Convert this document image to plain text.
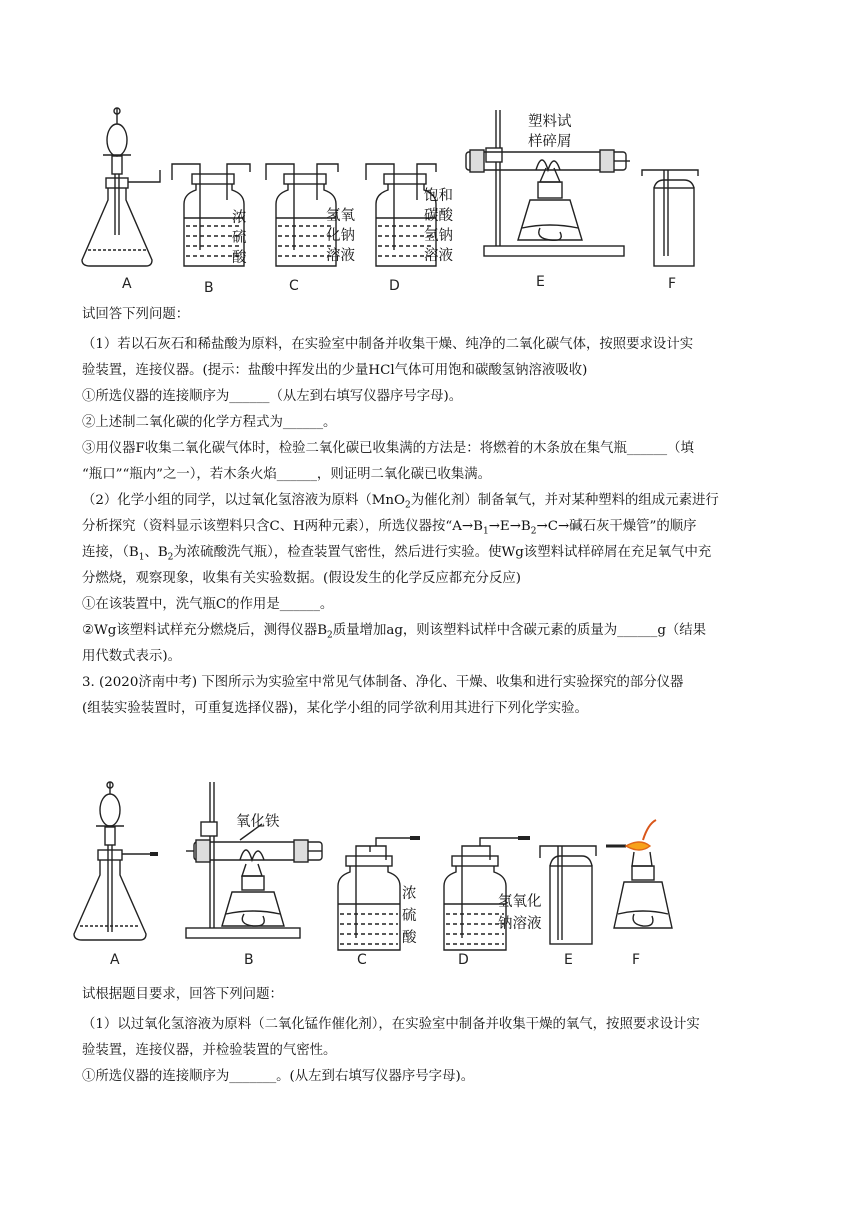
A	B	C	D	E	F
浓
硫
酸
氢氧
化钠
溶液
饱和
碳酸
氢钠
溶液
塑料试
样碎屑

试回答下列问题：

（1）若以石灰石和稀盐酸为原料，在实验室中制备并收集干燥、纯净的二氧化碳气体，按照要求设计实

验装置，连接仪器。(提示：盐酸中挥发出的少量HCl气体可用饱和碳酸氢钠溶液吸收)

①所选仪器的连接顺序为______（从左到右填写仪器序号字母)。

②上述制二氧化碳的化学方程式为______。

③用仪器F收集二氧化碳气体时，检验二氧化碳已收集满的方法是：将燃着的木条放在集气瓶______（填

“瓶口”“瓶内”之一），若木条火焰______，则证明二氧化碳已收集满。

（2）化学小组的同学，以过氧化氢溶液为原料（MnO$_2$为催化剂）制备氧气，并对某种塑料的组成元素进行

分析探究（资料显示该塑料只含C、H两种元素），所选仪器按“$A\to B_1\to E\to B_2\to C\to$碱石灰干燥管”的顺序

连接，（$B_1$、$B_2$为浓硫酸洗气瓶），检查装置气密性，然后进行实验。使Wg该塑料试样碎屑在充足氧气中充

分燃烧，观察现象，收集有关实验数据。(假设发生的化学反应都充分反应)

①在该装置中，洗气瓶C的作用是______。

②Wg该塑料试样充分燃烧后，测得仪器$B_2$质量增加ag，则该塑料试样中含碳元素的质量为______g（结果

用代数式表示)。

3. (2020济南中考) 下图所示为实验室中常见气体制备、净化、干燥、收集和进行实验探究的部分仪器

(组装实验装置时，可重复选择仪器)，某化学小组的同学欲利用其进行下列化学实验。

A	B	C	D	E	F
氧化铁
浓
硫
酸
氢氧化
钠溶液

试根据题目要求，回答下列问题：

（1）以过氧化氢溶液为原料（二氧化锰作催化剂），在实验室中制备并收集干燥的氧气，按照要求设计实

验装置，连接仪器，并检验装置的气密性。

①所选仪器的连接顺序为_______。(从左到右填写仪器序号字母)。
